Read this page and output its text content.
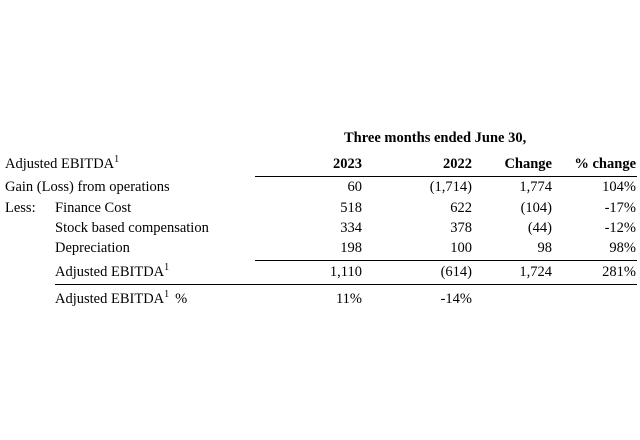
Three months ended June 30,
Adjusted EBITDA$^1$	2023	2022	Change	% change
Gain (Loss) from operations	60	(1,714)	1,774	104%
Less: Finance Cost	518	622	(104)	-17%
Stock based compensation	334	378	(44)	-12%
Depreciation	198	100	98	98%
Adjusted EBITDA$^1$	1,110	(614)	1,724	281%
Adjusted EBITDA$^1$ %	11%	-14%
